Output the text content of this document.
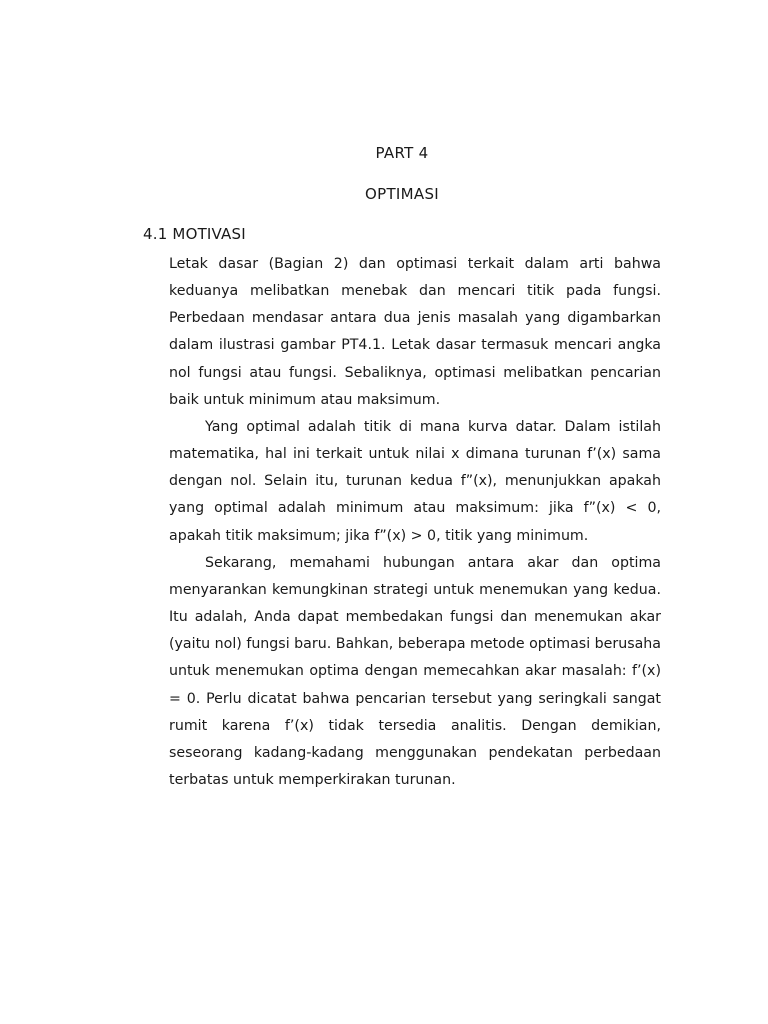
PART 4
OPTIMASI
4.1 MOTIVASI

Letak dasar (Bagian 2) dan optimasi terkait dalam arti bahwa keduanya melibatkan menebak dan mencari titik pada fungsi. Perbedaan mendasar antara dua jenis masalah yang digambarkan dalam ilustrasi gambar PT4.1. Letak dasar termasuk mencari angka nol fungsi atau fungsi. Sebaliknya, optimasi melibatkan pencarian baik untuk minimum atau maksimum.

Yang optimal adalah titik di mana kurva datar. Dalam istilah matematika, hal ini terkait untuk nilai x dimana turunan f’(x) sama dengan nol. Selain itu, turunan kedua f”(x), menunjukkan apakah yang optimal adalah minimum atau maksimum: jika f”(x) < 0, apakah titik maksimum; jika f”(x) > 0, titik yang minimum.

Sekarang, memahami hubungan antara akar dan optima menyarankan kemungkinan strategi untuk menemukan yang kedua. Itu adalah, Anda dapat membedakan fungsi dan menemukan akar (yaitu nol) fungsi baru. Bahkan, beberapa metode optimasi berusaha untuk menemukan optima dengan memecahkan akar masalah: f’(x) = 0. Perlu dicatat bahwa pencarian tersebut yang seringkali sangat rumit karena f’(x) tidak tersedia analitis. Dengan demikian, seseorang kadang-kadang menggunakan pendekatan perbedaan terbatas untuk memperkirakan turunan.
